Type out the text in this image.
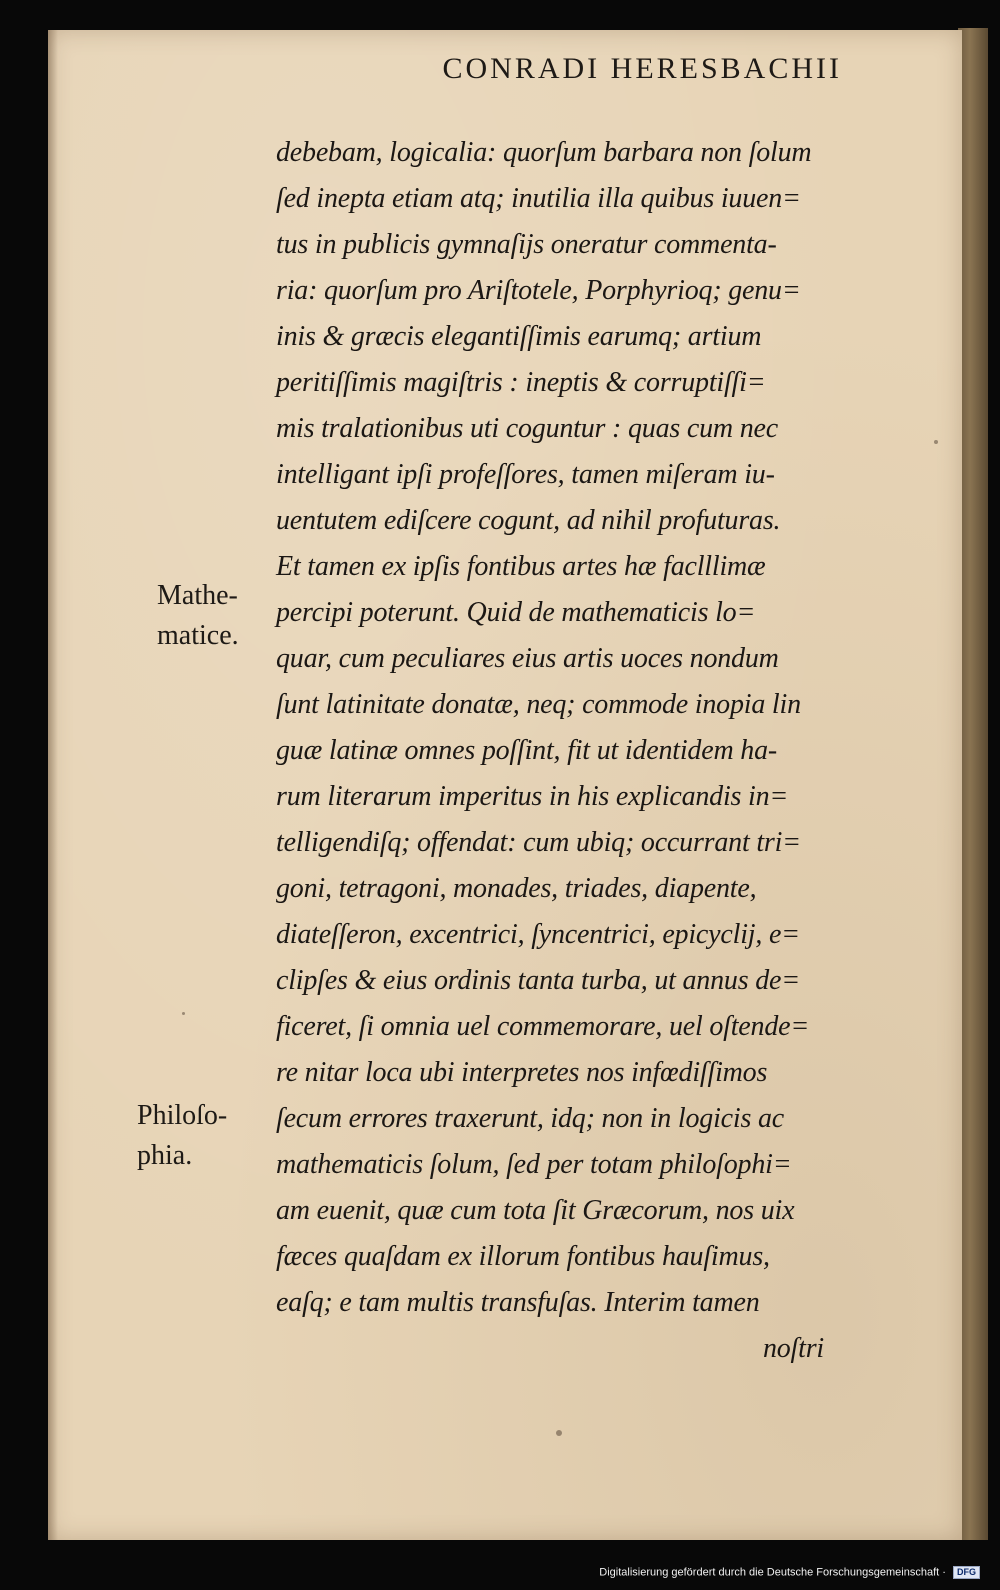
CONRADI HERESBACHII
Mathe‑
matice.
Philoſo‑
phia.
debebam, logicalia: quorſum barbara non ſolum
ſed inepta etiam atq; inutilia illa quibus iuuen=
tus in publicis gymnaſijs oneratur commenta‑
ria: quorſum pro Ariſtotele, Porphyrioq; genu=
inis & græcis elegantiſſimis earumq; artium
peritiſſimis magiſtris : ineptis & corruptiſſi=
mis tralationibus uti coguntur : quas cum nec
intelligant ipſi profeſſores, tamen miſeram iu‑
uentutem ediſcere cogunt, ad nihil profuturas.
Et tamen ex ipſis fontibus artes hæ faclllimæ
percipi poterunt. Quid de mathematicis lo=
quar, cum peculiares eius artis uoces nondum
ſunt latinitate donatæ, neq; commode inopia lin
guæ latinæ omnes poſſint, fit ut identidem ha‑
rum literarum imperitus in his explicandis in=
telligendiſq; offendat: cum ubiq; occurrant tri=
goni, tetragoni, monades, triades, diapente,
diateſſeron, excentrici, ſyncentrici, epicyclij, e=
clipſes & eius ordinis tanta turba, ut annus de=
ficeret, ſi omnia uel commemorare, uel oſtende=
re nitar loca ubi interpretes nos infœdiſſimos
ſecum errores traxerunt, idq; non in logicis ac
mathematicis ſolum, ſed per totam philoſophi=
am euenit, quæ cum tota ſit Græcorum, nos uix
fæces quaſdam ex illorum fontibus hauſimus,
eaſq; e tam multis transfuſas. Interim tamen
noſtri
Digitalisierung gefördert durch die Deutsche Forschungsgemeinschaft · DFG
